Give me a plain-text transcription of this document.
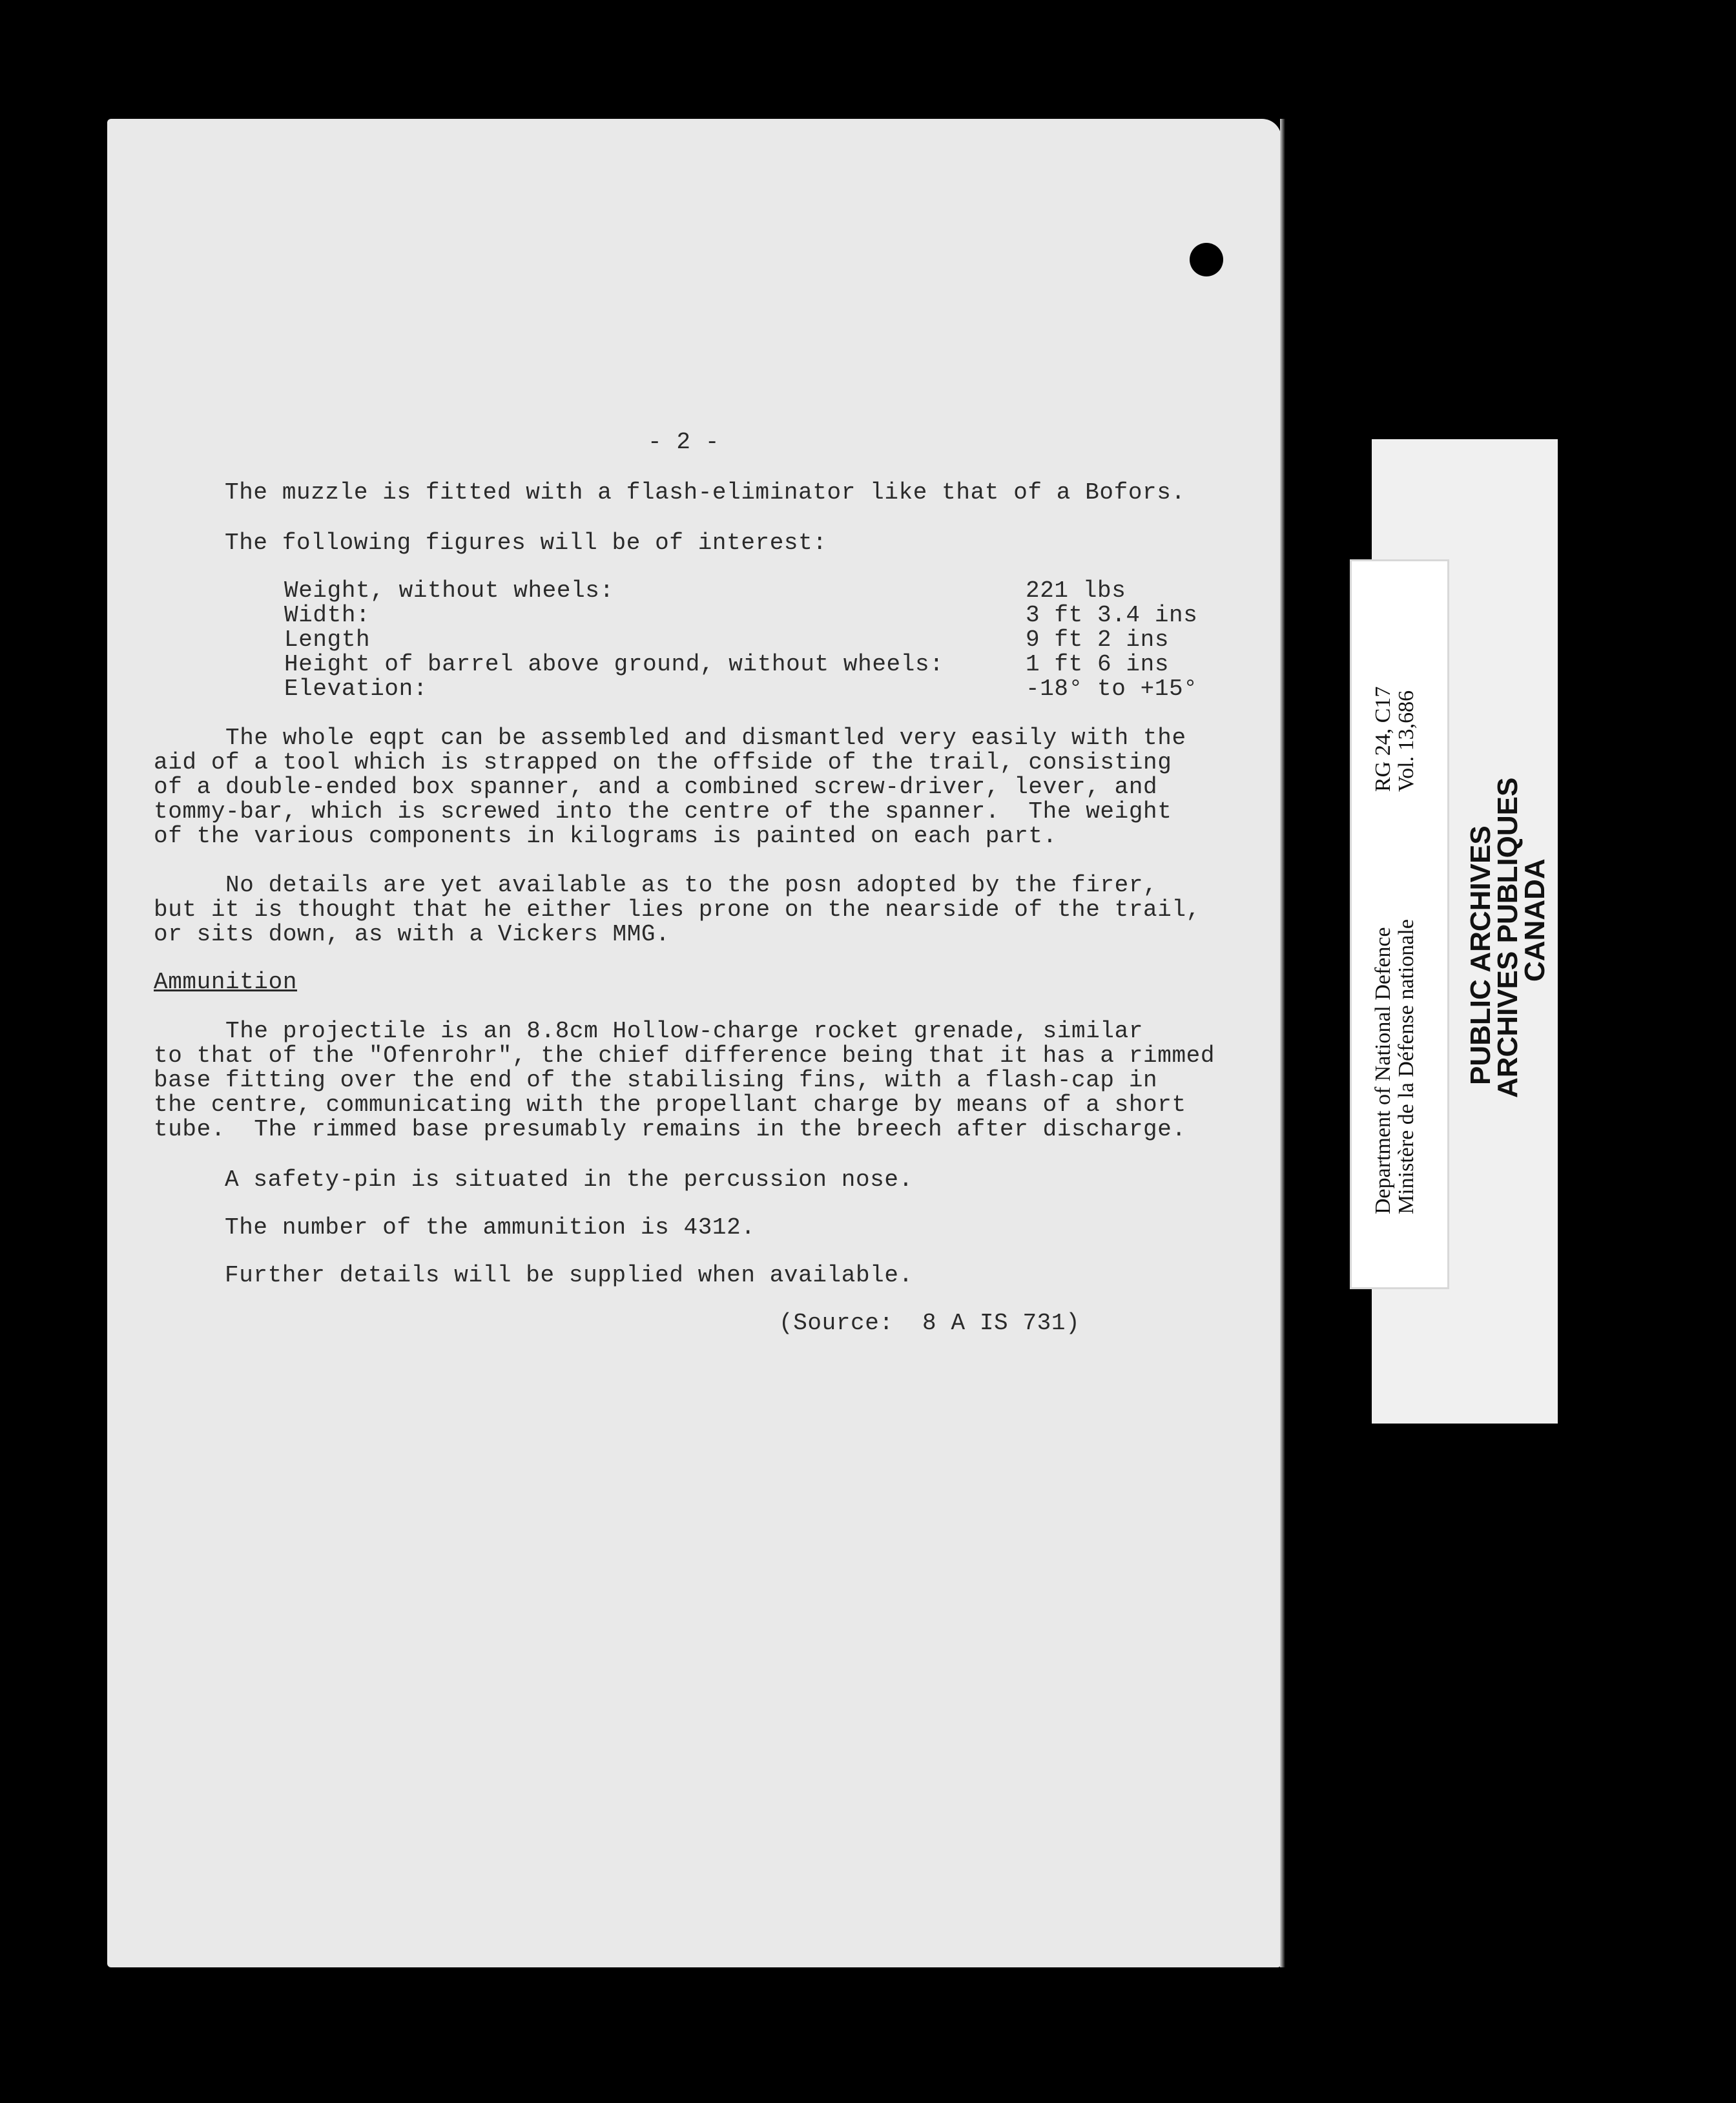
- 2 -

The muzzle is fitted with a flash-eliminator like that of a Bofors.

The following figures will be of interest:

Weight, without wheels:	221 lbs

Width:	3 ft 3.4 ins

Length	9 ft 2 ins

Height of barrel above ground, without wheels:	1 ft 6 ins

Elevation:	-18° to +15°

The whole eqpt can be assembled and dismantled very easily with the

aid of a tool which is strapped on the offside of the trail, consisting

of a double-ended box spanner, and a combined screw-driver, lever, and

tommy-bar, which is screwed into the centre of the spanner.  The weight

of the various components in kilograms is painted on each part.

No details are yet available as to the posn adopted by the firer,

but it is thought that he either lies prone on the nearside of the trail,

or sits down, as with a Vickers MMG.

Ammunition

The projectile is an 8.8cm Hollow-charge rocket grenade, similar

to that of the "Ofenrohr", the chief difference being that it has a rimmed

base fitting over the end of the stabilising fins, with a flash-cap in

the centre, communicating with the propellant charge by means of a short

tube.  The rimmed base presumably remains in the breech after discharge.

A safety-pin is situated in the percussion nose.

The number of the ammunition is 4312.

Further details will be supplied when available.

(Source:  8 A IS 731)

Department of National Defence Ministère de la Défense nationale

RG 24, C17 Vol. 13,686

PUBLIC ARCHIVES

ARCHIVES PUBLIQUES

CANADA
